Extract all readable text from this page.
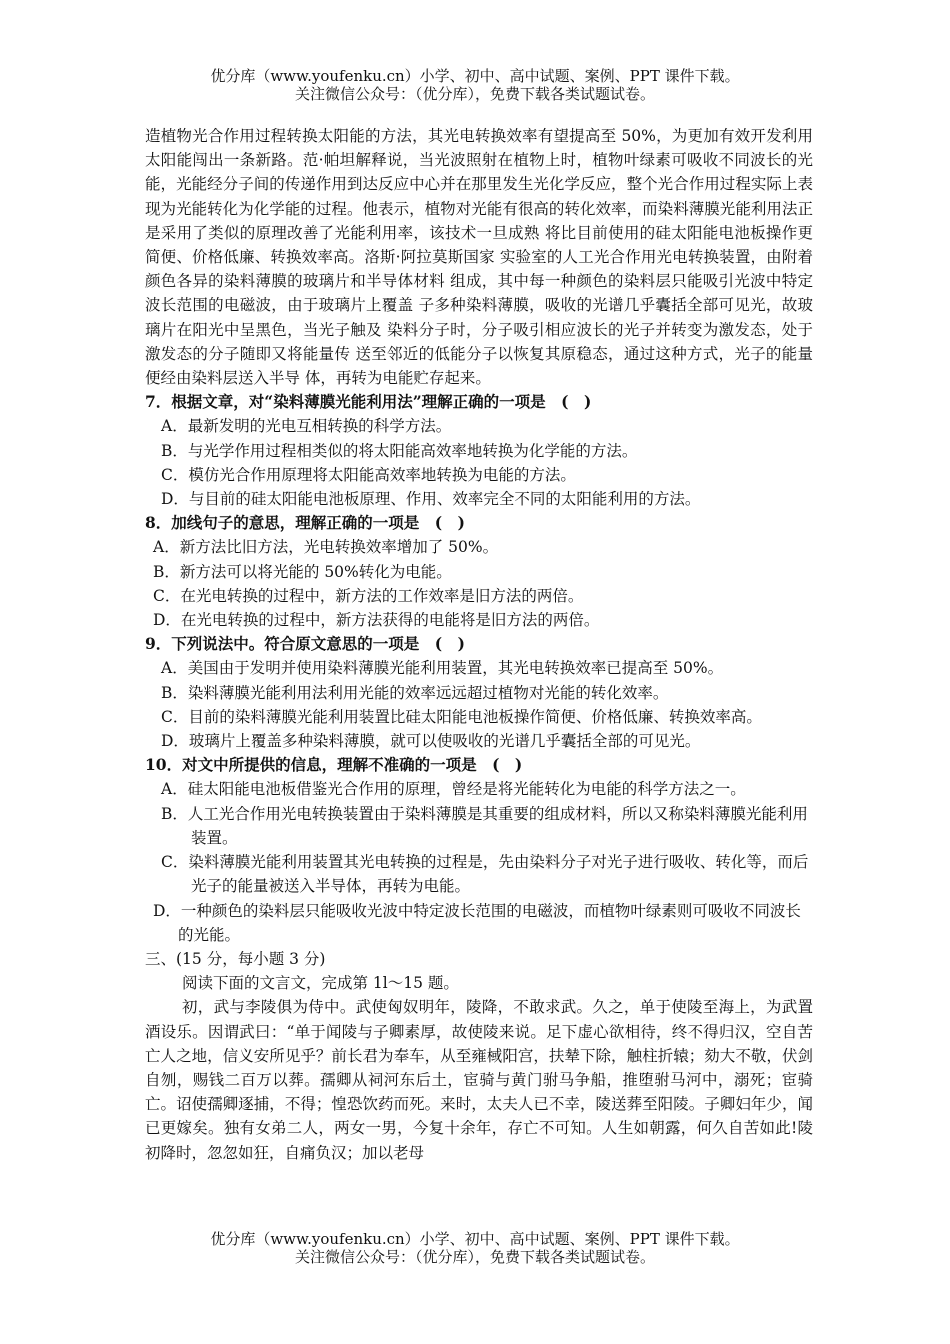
优分库（www.youfenku.cn）小学、初中、高中试题、案例、PPT 课件下载。
关注微信公众号：（优分库），免费下载各类试题试卷。

造植物光合作用过程转换太阳能的方法，其光电转换效率有望提高至 50%，为更加有效开发利用太阳能闯出一条新路。范·帕坦解释说，当光波照射在植物上时，植物叶绿素可吸收不同波长的光能，光能经分子间的传递作用到达反应中心并在那里发生光化学反应，整个光合作用过程实际上表现为光能转化为化学能的过程。他表示，植物对光能有很高的转化效率，而染料薄膜光能利用法正是采用了类似的原理改善了光能利用率，该技术一旦成熟 将比目前使用的硅太阳能电池板操作更简便、价格低廉、转换效率高。洛斯·阿拉莫斯国家 实验室的人工光合作用光电转换装置，由附着颜色各异的染料薄膜的玻璃片和半导体材料 组成，其中每一种颜色的染料层只能吸引光波中特定波长范围的电磁波，由于玻璃片上覆盖 子多种染料薄膜，吸收的光谱几乎囊括全部可见光，故玻璃片在阳光中呈黑色，当光子触及 染料分子时，分子吸引相应波长的光子并转变为激发态，处于激发态的分子随即又将能量传 送至邻近的低能分子以恢复其原稳态，通过这种方式，光子的能量便经由染料层送入半导 体，再转为电能贮存起来。

7．根据文章，对“染料薄膜光能利用法”理解正确的一项是　(　)

A．最新发明的光电互相转换的科学方法。

B．与光学作用过程相类似的将太阳能高效率地转换为化学能的方法。

C．模仿光合作用原理将太阳能高效率地转换为电能的方法。

D．与目前的硅太阳能电池板原理、作用、效率完全不同的太阳能利用的方法。

8．加线句子的意思，理解正确的一项是　(　)

A．新方法比旧方法，光电转换效率增加了 50%。

B．新方法可以将光能的 50%转化为电能。

C．在光电转换的过程中，新方法的工作效率是旧方法的两倍。

D．在光电转换的过程中，新方法获得的电能将是旧方法的两倍。

9．下列说法中。符合原文意思的一项是　(　)

A．美国由于发明并使用染料薄膜光能利用装置，其光电转换效率已提高至 50%。

B．染料薄膜光能利用法利用光能的效率远远超过植物对光能的转化效率。

C．目前的染料薄膜光能利用装置比硅太阳能电池板操作简便、价格低廉、转换效率高。

D．玻璃片上覆盖多种染料薄膜，就可以使吸收的光谱几乎囊括全部的可见光。

10．对文中所提供的信息，理解不准确的一项是　(　)

A．硅太阳能电池板借鉴光合作用的原理，曾经是将光能转化为电能的科学方法之一。

B．人工光合作用光电转换装置由于染料薄膜是其重要的组成材料，所以又称染料薄膜光能利用装置。

C．染料薄膜光能利用装置其光电转换的过程是，先由染料分子对光子进行吸收、转化等，而后光子的能量被送入半导体，再转为电能。

D．一种颜色的染料层只能吸收光波中特定波长范围的电磁波，而植物叶绿素则可吸收不同波长的光能。

三、(15 分，每小题 3 分)

阅读下面的文言文，完成第 1l～15 题。

初，武与李陵俱为侍中。武使匈奴明年，陵降，不敢求武。久之，单于使陵至海上，为武置酒设乐。因谓武曰：“单于闻陵与子卿素厚，故使陵来说。足下虚心欲相待，终不得归汉，空自苦亡人之地，信义安所见乎？前长君为奉车，从至雍棫阳宫，扶辇下除，触柱折辕；劾大不敬，伏剑自刎，赐钱二百万以葬。孺卿从祠河东后土，宦骑与黄门驸马争船，推堕驸马河中，溺死；宦骑亡。诏使孺卿逐捕，不得；惶恐饮药而死。来时，太夫人已不幸，陵送葬至阳陵。子卿妇年少，闻已更嫁矣。独有女弟二人，两女一男，今复十余年，存亡不可知。人生如朝露，何久自苦如此!陵初降时，忽忽如狂，自痛负汉；加以老母

优分库（www.youfenku.cn）小学、初中、高中试题、案例、PPT 课件下载。
关注微信公众号：（优分库），免费下载各类试题试卷。
